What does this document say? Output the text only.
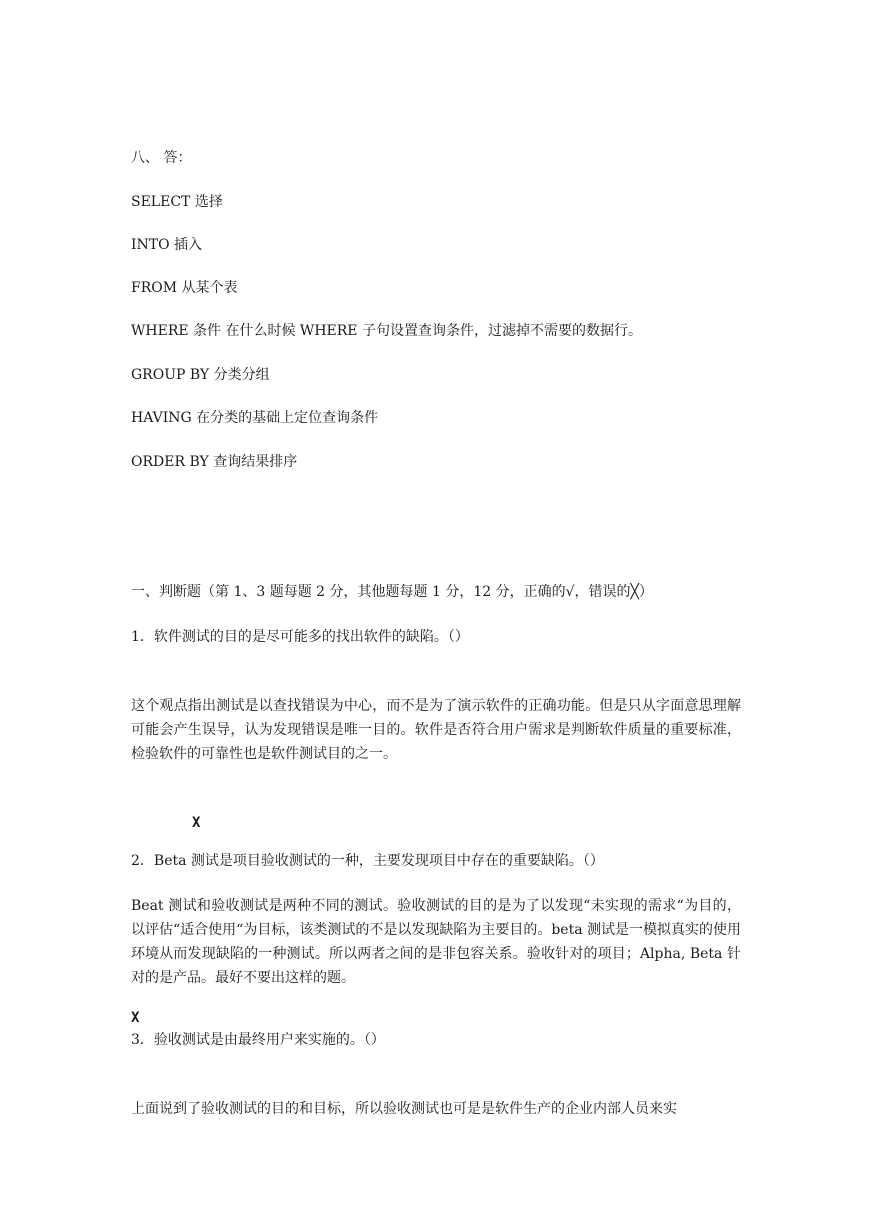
八、 答：
SELECT 选择
INTO 插入
FROM 从某个表
WHERE 条件 在什么时候 WHERE 子句设置查询条件，过滤掉不需要的数据行。
GROUP BY 分类分组
HAVING 在分类的基础上定位查询条件
ORDER BY 查询结果排序
一、判断题（第 1、3 题每题 2 分，其他题每题 1 分，12 分，正确的√，错误的╳）
1．软件测试的目的是尽可能多的找出软件的缺陷。（）
这个观点指出测试是以查找错误为中心，而不是为了演示软件的正确功能。但是只从字面意思理解可能会产生误导，认为发现错误是唯一目的。软件是否符合用户需求是判断软件质量的重要标准，检验软件的可靠性也是软件测试目的之一。
X
2．Beta 测试是项目验收测试的一种，主要发现项目中存在的重要缺陷。（）
Beat 测试和验收测试是两种不同的测试。验收测试的目的是为了以发现“未实现的需求“为目的，以评估“适合使用“为目标，该类测试的不是以发现缺陷为主要目的。beta 测试是一模拟真实的使用环境从而发现缺陷的一种测试。所以两者之间的是非包容关系。验收针对的项目；Alpha, Beta 针对的是产品。最好不要出这样的题。
X
3．验收测试是由最终用户来实施的。（）
上面说到了验收测试的目的和目标，所以验收测试也可是是软件生产的企业内部人员来实
